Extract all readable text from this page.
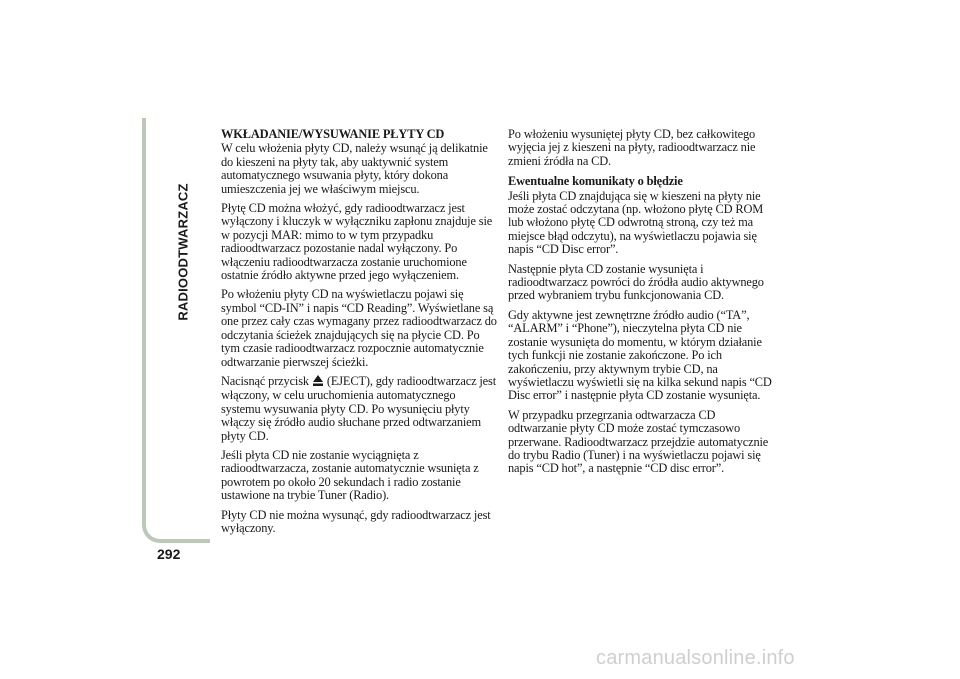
RADIOODTWARZACZ
292
WKŁADANIE/WYSUWANIE PŁYTY CD

W celu włożenia płyty CD, należy wsunąć ją delikatnie do kieszeni na płyty tak, aby uaktywnić system automatycznego wsuwania płyty, który dokona umieszczenia jej we właściwym miejscu.

Płytę CD można włożyć, gdy radioodtwarzacz jest wyłączony i kluczyk w wyłączniku zapłonu znajduje sie w pozycji MAR: mimo to w tym przypadku radioodtwarzacz pozostanie nadal wyłączony. Po włączeniu radioodtwarzacza zostanie uruchomione ostatnie źródło aktywne przed jego wyłączeniem.

Po włożeniu płyty CD na wyświetlaczu pojawi się symbol “CD-IN” i napis “CD Reading”. Wyświetlane są one przez cały czas wymagany przez radioodtwarzacz do odczytania ścieżek znajdujących się na płycie CD. Po tym czasie radioodtwarzacz rozpocznie automatycznie odtwarzanie pierwszej ścieżki.

Nacisnąć przycisk (EJECT), gdy radioodtwarzacz jest włączony, w celu uruchomienia automatycznego systemu wysuwania płyty CD. Po wysunięciu płyty włączy się źródło audio słuchane przed odtwarzaniem płyty CD.

Jeśli płyta CD nie zostanie wyciągnięta z radioodtwarzacza, zostanie automatycznie wsunięta z powrotem po około 20 sekundach i radio zostanie ustawione na trybie Tuner (Radio).

Płyty CD nie można wysunąć, gdy radioodtwarzacz jest wyłączony.

Po włożeniu wysuniętej płyty CD, bez całkowitego wyjęcia jej z kieszeni na płyty, radioodtwarzacz nie zmieni źródła na CD.

Ewentualne komunikaty o błędzie

Jeśli płyta CD znajdująca się w kieszeni na płyty nie może zostać odczytana (np. włożono płytę CD ROM lub włożono płytę CD odwrotną stroną, czy też ma miejsce błąd odczytu), na wyświetlaczu pojawia się napis “CD Disc error”.

Następnie płyta CD zostanie wysunięta i radioodtwarzacz powróci do źródła audio aktywnego przed wybraniem trybu funkcjonowania CD.

Gdy aktywne jest zewnętrzne źródło audio (“TA”, “ALARM” i “Phone”), nieczytelna płyta CD nie zostanie wysunięta do momentu, w którym działanie tych funkcji nie zostanie zakończone. Po ich zakończeniu, przy aktywnym trybie CD, na wyświetlaczu wyświetli się na kilka sekund napis “CD Disc error” i następnie płyta CD zostanie wysunięta.

W przypadku przegrzania odtwarzacza CD odtwarzanie płyty CD może zostać tymczasowo przerwane. Radioodtwarzacz przejdzie automatycznie do trybu Radio (Tuner) i na wyświetlaczu pojawi się napis “CD hot”, a następnie “CD disc error”.

carmanualsonline.info
